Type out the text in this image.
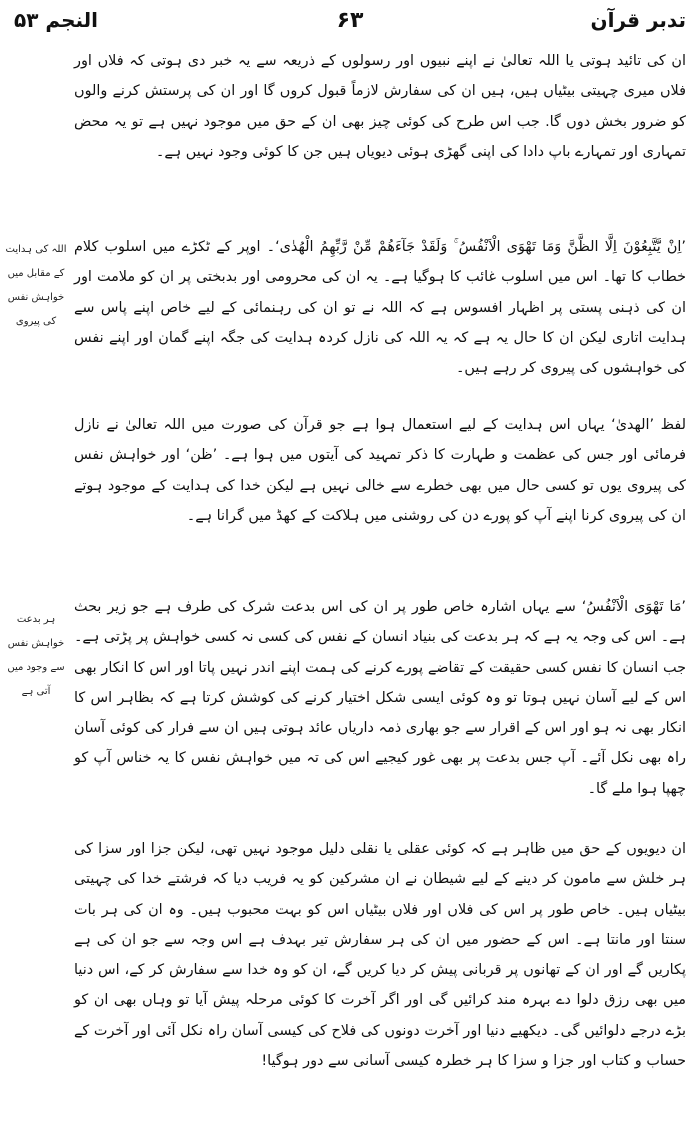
تدبر قرآن
۶۳
النجم ۵۳
اللہ کی ہدایت کے مقابل میں خواہش نفس کی پیروی
ہر بدعت خواہش نفس سے وجود میں آتی ہے

ان کی تائید ہوتی یا اللہ تعالیٰ نے اپنے نبیوں اور رسولوں کے ذریعہ سے یہ خبر دی ہوتی کہ فلاں اور فلاں میری چہیتی بیٹیاں ہیں، ہیں ان کی سفارش لازماً قبول کروں گا اور ان کی پرستش کرنے والوں کو ضرور بخش دوں گا. جب اس طرح کی کوئی چیز بھی ان کے حق میں موجود نہیں ہے تو یہ محض تمہاری اور تمہارے باپ دادا کی اپنی گھڑی ہوئی دیویاں ہیں جن کا کوئی وجود نہیں ہے۔

’اِنْ یَّتَّبِعُوْنَ اِلَّا الظَّنَّ وَمَا تَهْوَى الْاَنْفُسُ ۚ وَلَقَدْ جَآءَهُمْ مِّنْ رَّبِّهِمُ الْهُدٰى‘۔ اوپر کے ٹکڑے میں اسلوب کلام خطاب کا تھا۔ اس میں اسلوب غائب کا ہوگیا ہے۔ یہ ان کی محرومی اور بدبختی پر ان کو ملامت اور ان کی ذہنی پستی پر اظہار افسوس ہے کہ اللہ نے تو ان کی رہنمائی کے لیے خاص اپنے پاس سے ہدایت اتاری لیکن ان کا حال یہ ہے کہ یہ اللہ کی نازل کردہ ہدایت کی جگہ اپنے گمان اور اپنے نفس کی خواہشوں کی پیروی کر رہے ہیں۔

لفظ ’الھدیٰ‘ یہاں اس ہدایت کے لیے استعمال ہوا ہے جو قرآن کی صورت میں اللہ تعالیٰ نے نازل فرمائی اور جس کی عظمت و طہارت کا ذکر تمہید کی آیتوں میں ہوا ہے۔ ’ظن‘ اور خواہش نفس کی پیروی یوں تو کسی حال میں بھی خطرے سے خالی نہیں ہے لیکن خدا کی ہدایت کے موجود ہوتے ان کی پیروی کرنا اپنے آپ کو پورے دن کی روشنی میں ہلاکت کے کھڈ میں گرانا ہے۔

’مَا تَهْوَى الْاَنْفُسُ‘ سے یہاں اشارہ خاص طور پر ان کی اس بدعت شرک کی طرف ہے جو زیر بحث ہے۔ اس کی وجہ یہ ہے کہ ہر بدعت کی بنیاد انسان کے نفس کی کسی نہ کسی خواہش پر پڑتی ہے۔ جب انسان کا نفس کسی حقیقت کے تقاضے پورے کرنے کی ہمت اپنے اندر نہیں پاتا اور اس کا انکار بھی اس کے لیے آسان نہیں ہوتا تو وہ کوئی ایسی شکل اختیار کرنے کی کوشش کرتا ہے کہ بظاہر اس کا انکار بھی نہ ہو اور اس کے اقرار سے جو بھاری ذمہ داریاں عائد ہوتی ہیں ان سے فرار کی کوئی آسان راہ بھی نکل آئے۔ آپ جس بدعت پر بھی غور کیجیے اس کی تہ میں خواہش نفس کا یہ خناس آپ کو چھپا ہوا ملے گا۔

ان دیویوں کے حق میں ظاہر ہے کہ کوئی عقلی یا نقلی دلیل موجود نہیں تھی، لیکن جزا اور سزا کی ہر خلش سے مامون کر دینے کے لیے شیطان نے ان مشرکین کو یہ فریب دیا کہ فرشتے خدا کی چہیتی بیٹیاں ہیں۔ خاص طور پر اس کی فلاں اور فلاں بیٹیاں اس کو بہت محبوب ہیں۔ وہ ان کی ہر بات سنتا اور مانتا ہے۔ اس کے حضور میں ان کی ہر سفارش تیر بہدف ہے اس وجہ سے جو ان کی ہے پکاریں گے اور ان کے تھانوں پر قربانی پیش کر دیا کریں گے، ان کو وہ خدا سے سفارش کر کے، اس دنیا میں بھی رزق دلوا دے بہرہ مند کرائیں گی اور اگر آخرت کا کوئی مرحلہ پیش آیا تو وہاں بھی ان کو بڑے درجے دلوائیں گی۔ دیکھیے دنیا اور آخرت دونوں کی فلاح کی کیسی آسان راہ نکل آئی اور آخرت کے حساب و کتاب اور جزا و سزا کا ہر خطرہ کیسی آسانی سے دور ہوگیا!
